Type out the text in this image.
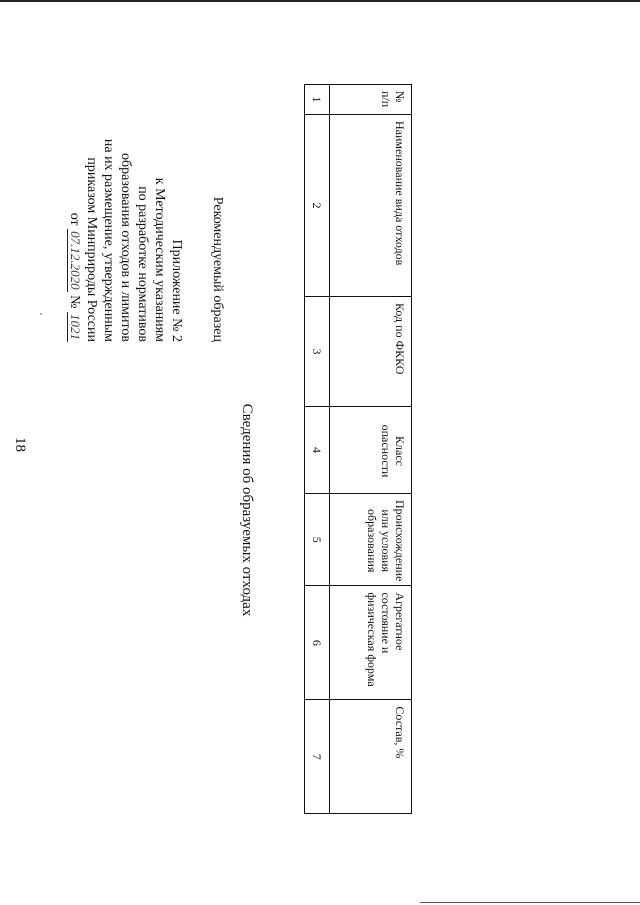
18
Приложение № 2
к Методическим указаниям
по разработке нормативов
образования отходов и лимитов
на их размещение, утвержденным
приказом Минприроды России
от 07.12.2020 № 1021	Рекомендуемый образец
Сведения об образуемых отходах
№ п/п	Наименование вида отходов	Код по ФККО	Класс опасности	Происхождение или условия образования	Агрегатное состояние и физическая форма	Состав, %
1	2	3	4	5	6	7
